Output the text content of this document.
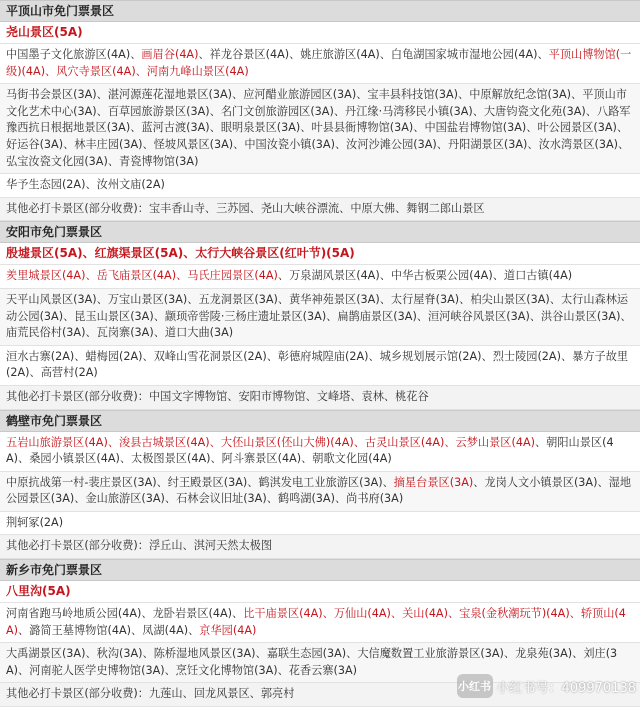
平顶山市免门票景区
尧山景区(5A)
中国墨子文化旅游区(4A)、画眉谷(4A)、祥龙谷景区(4A)、姚庄旅游区(4A)、白龟湖国家城市湿地公园(4A)、平顶山博物馆(一级)(4A)、风穴寺景区(4A)、河南九峰山景区(4A)
马街书会景区(3A)、湛河源莲花湿地景区(3A)、应河醋业旅游园区(3A)、宝丰县科技馆(3A)、中原解放纪念馆(3A)、平顶山市文化艺术中心(3A)、百草园旅游景区(3A)、名门文创旅游园区(3A)、丹江缘·马湾移民小镇(3A)、大唐钧瓷文化苑(3A)、八路军豫西抗日根据地景区(3A)、蓝河古渡(3A)、眼明泉景区(3A)、叶县县衙博物馆(3A)、中国盐岩博物馆(3A)、叶公园景区(3A)、好运谷(3A)、林丰庄园(3A)、怪坡风景区(3A)、中国汝瓷小镇(3A)、汝河沙滩公园(3A)、丹阳湖景区(3A)、汝水湾景区(3A)、弘宝汝瓷文化园(3A)、青瓷博物馆(3A)
华予生态园(2A)、汝州文庙(2A)
其他必打卡景区(部分收费)：宝丰香山寺、三苏园、尧山大峡谷漂流、中原大佛、舞钢二郎山景区
安阳市免门票景区
殷墟景区(5A)、红旗渠景区(5A)、太行大峡谷景区(红叶节)(5A)
羑里城景区(4A)、岳飞庙景区(4A)、马氏庄园景区(4A)、万泉湖风景区(4A)、中华古板栗公园(4A)、道口古镇(4A)
天平山风景区(3A)、万宝山景区(3A)、五龙洞景区(3A)、黄华神苑景区(3A)、太行屋脊(3A)、柏尖山景区(3A)、太行山森林运动公园(3A)、昆玉山景区(3A)、颛顼帝喾陵·三杨庄遗址景区(3A)、扁鹊庙景区(3A)、洹河峡谷风景区(3A)、洪谷山景区(3A)、庙荒民俗村(3A)、瓦岗寨(3A)、道口大曲(3A)
洹水古寨(2A)、蜡梅园(2A)、双峰山雪花洞景区(2A)、彰德府城隍庙(2A)、城乡规划展示馆(2A)、烈士陵园(2A)、暴方子故里(2A)、高营村(2A)
其他必打卡景区(部分收费)：中国文字博物馆、安阳市博物馆、文峰塔、袁林、桃花谷
鹤壁市免门票景区
五岩山旅游景区(4A)、浚县古城景区(4A)、大伾山景区(伾山大佛)(4A)、古灵山景区(4A)、云梦山景区(4A)、朝阳山景区(4A)、桑园小镇景区(4A)、太极图景区(4A)、阿斗寨景区(4A)、朝歌文化园(4A)
中原抗战第一村-裴庄景区(3A)、纣王殿景区(3A)、鹤淇发电工业旅游区(3A)、摘星台景区(3A)、龙岗人文小镇景区(3A)、湿地公园景区(3A)、金山旅游区(3A)、石林会议旧址(3A)、鹤鸣湖(3A)、尚书府(3A)
荆轲冢(2A)
其他必打卡景区(部分收费)：浮丘山、淇河天然太极图
新乡市免门票景区
八里沟(5A)
河南省跑马岭地质公园(4A)、龙卧岩景区(4A)、比干庙景区(4A)、万仙山(4A)、关山(4A)、宝泉(金秋潮玩节)(4A)、轿顶山(4A)、潞简王墓博物馆(4A)、凤湖(4A)、京华园(4A)
大禹湖景区(3A)、秋沟(3A)、陈桥湿地风景区(3A)、嘉联生态园(3A)、大信魔数置工业旅游景区(3A)、龙泉苑(3A)、刘庄(3A)、河南驼人医学史博物馆(3A)、烹饪文化博物馆(3A)、花香云寨(3A)
其他必打卡景区(部分收费)：九莲山、回龙风景区、郭亮村
小红书 小红书号：409970138
